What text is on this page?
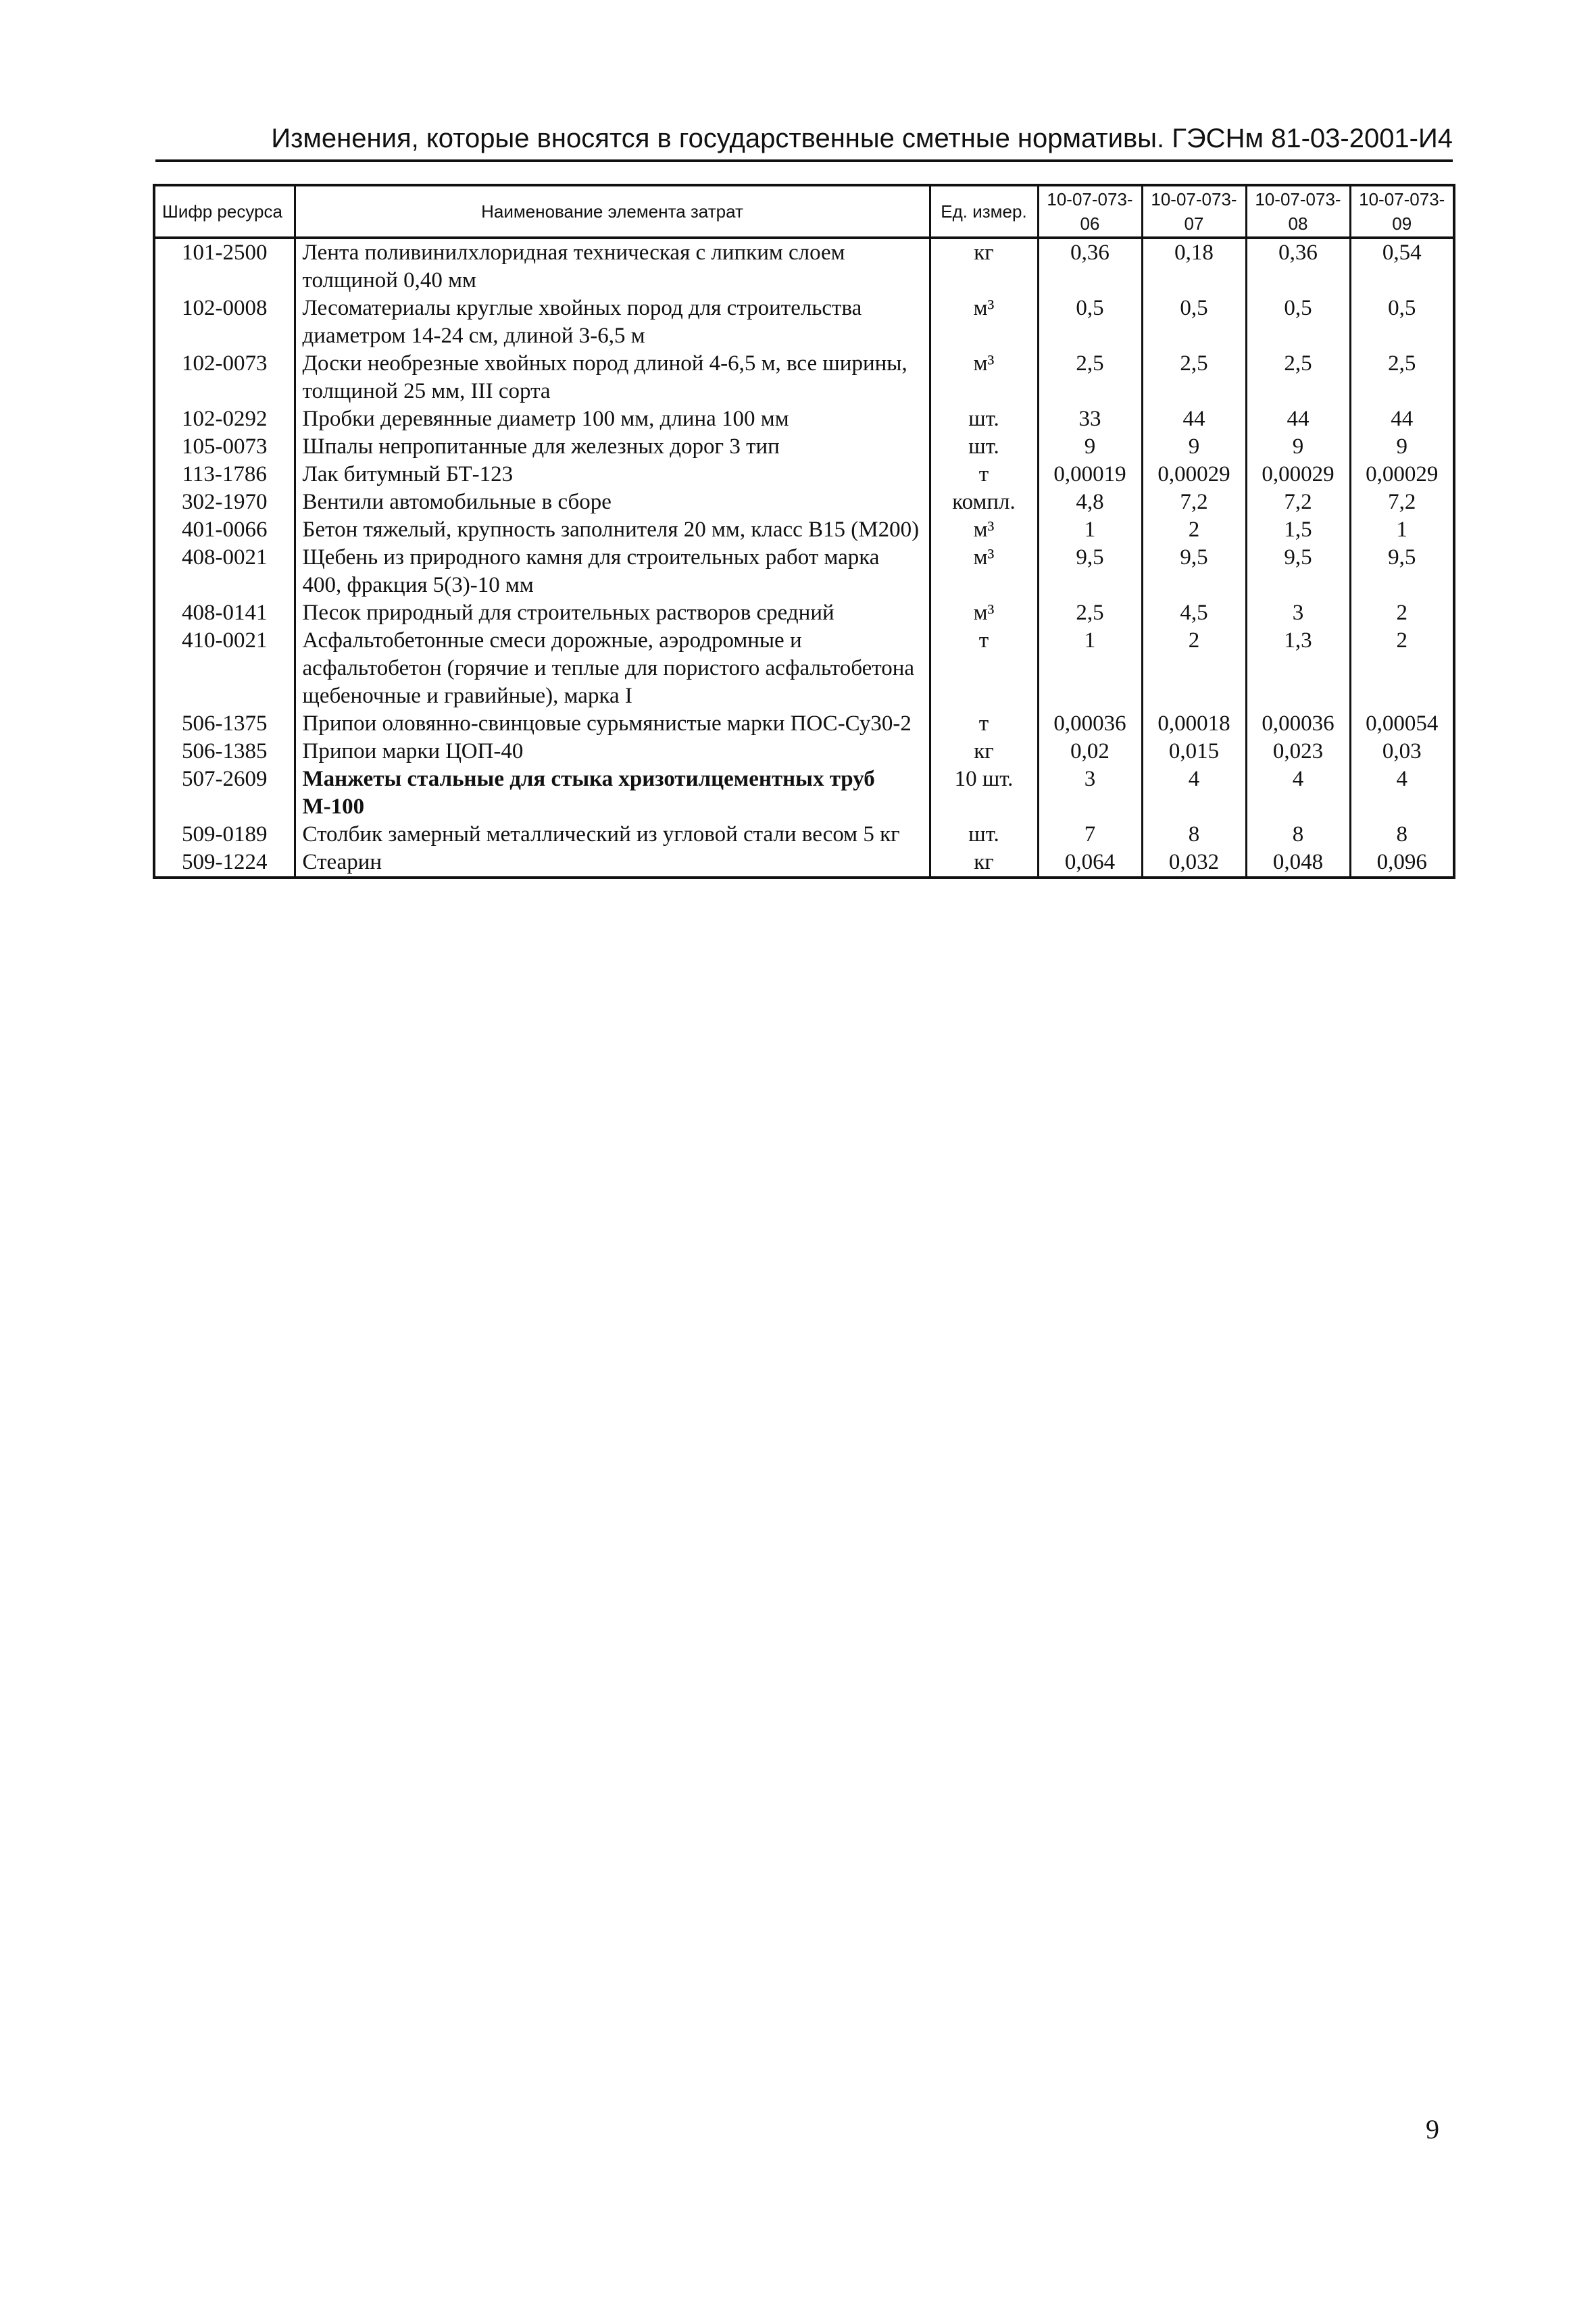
Изменения, которые вносятся в государственные сметные нормативы. ГЭСНм 81-03-2001-И4
Шифр ресурса	Наименование элемента затрат	Ед. измер.	10-07-073-06	10-07-073-07	10-07-073-08	10-07-073-09
101-2500	Лента поливинилхлоридная техническая с липким слоем толщиной 0,40 мм	кг	0,36	0,18	0,36	0,54
102-0008	Лесоматериалы круглые хвойных пород для строительства диаметром 14-24 см, длиной 3-6,5 м	м³	0,5	0,5	0,5	0,5
102-0073	Доски необрезные хвойных пород длиной 4-6,5 м, все ширины, толщиной 25 мм, III сорта	м³	2,5	2,5	2,5	2,5
102-0292	Пробки деревянные диаметр 100 мм, длина 100 мм	шт.	33	44	44	44
105-0073	Шпалы непропитанные для железных дорог 3 тип	шт.	9	9	9	9
113-1786	Лак битумный БТ-123	т	0,00019	0,00029	0,00029	0,00029
302-1970	Вентили автомобильные в сборе	компл.	4,8	7,2	7,2	7,2
401-0066	Бетон тяжелый, крупность заполнителя 20 мм, класс В15 (М200)	м³	1	2	1,5	1
408-0021	Щебень из природного камня для строительных работ марка 400, фракция 5(3)-10 мм	м³	9,5	9,5	9,5	9,5
408-0141	Песок природный для строительных растворов средний	м³	2,5	4,5	3	2
410-0021	Асфальтобетонные смеси дорожные, аэродромные и асфальтобетон (горячие и теплые для пористого асфальтобетона щебеночные и гравийные), марка I	т	1	2	1,3	2
506-1375	Припои оловянно-свинцовые сурьмянистые марки ПОС-Су30-2	т	0,00036	0,00018	0,00036	0,00054
506-1385	Припои марки ЦОП-40	кг	0,02	0,015	0,023	0,03
507-2609	Манжеты стальные для стыка хризотилцементных труб М-100	10 шт.	3	4	4	4
509-0189	Столбик замерный металлический из угловой стали весом 5 кг	шт.	7	8	8	8
509-1224	Стеарин	кг	0,064	0,032	0,048	0,096
9
